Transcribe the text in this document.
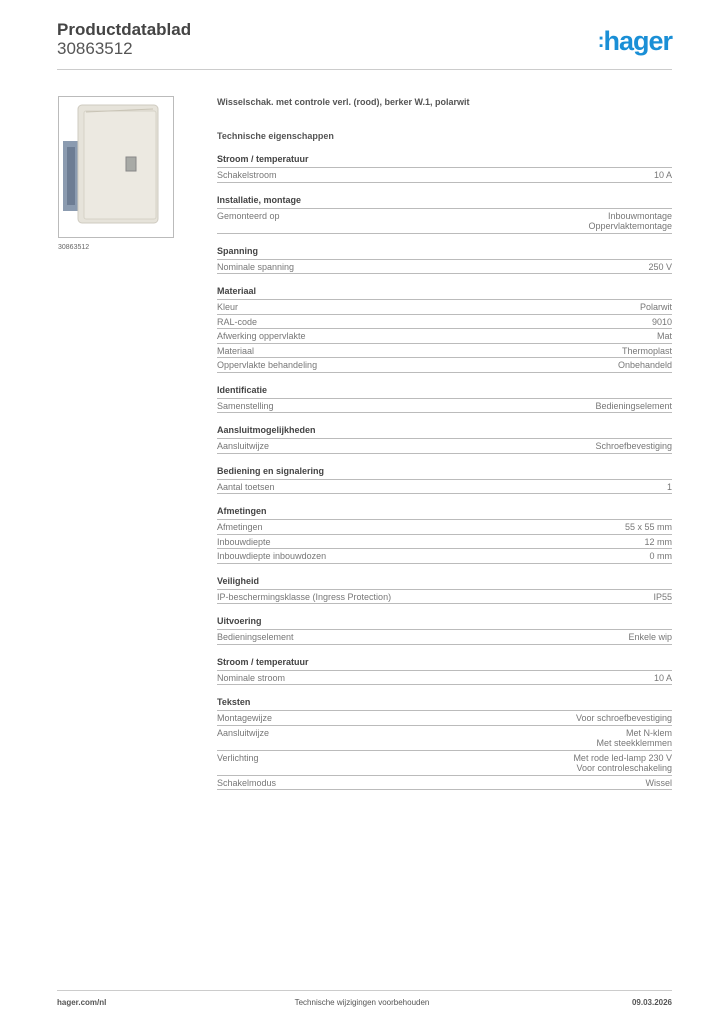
Productdatablad
30863512	:hager
30863512
Wisselschak. met controle verl. (rood), berker W.1, polarwit
Technische eigenschappen
Stroom / temperatuur
Schakelstroom	10 A
Installatie, montage
Gemonteerd op	Inbouwmontage
Oppervlaktemontage
Spanning
Nominale spanning	250 V
Materiaal
Kleur	Polarwit
RAL-code	9010
Afwerking oppervlakte	Mat
Materiaal	Thermoplast
Oppervlakte behandeling	Onbehandeld
Identificatie
Samenstelling	Bedieningselement
Aansluitmogelijkheden
Aansluitwijze	Schroefbevestiging
Bediening en signalering
Aantal toetsen	1
Afmetingen
Afmetingen	55 x 55 mm
Inbouwdiepte	12 mm
Inbouwdiepte inbouwdozen	0 mm
Veiligheid
IP-beschermingsklasse (Ingress Protection)	IP55
Uitvoering
Bedieningselement	Enkele wip
Stroom / temperatuur
Nominale stroom	10 A
Teksten
Montagewijze	Voor schroefbevestiging
Aansluitwijze	Met N-klem
Met steekklemmen
Verlichting	Met rode led-lamp 230 V
Voor controleschakeling
Schakelmodus	Wissel
hager.com/nl	Technische wijzigingen voorbehouden	09.03.2026
